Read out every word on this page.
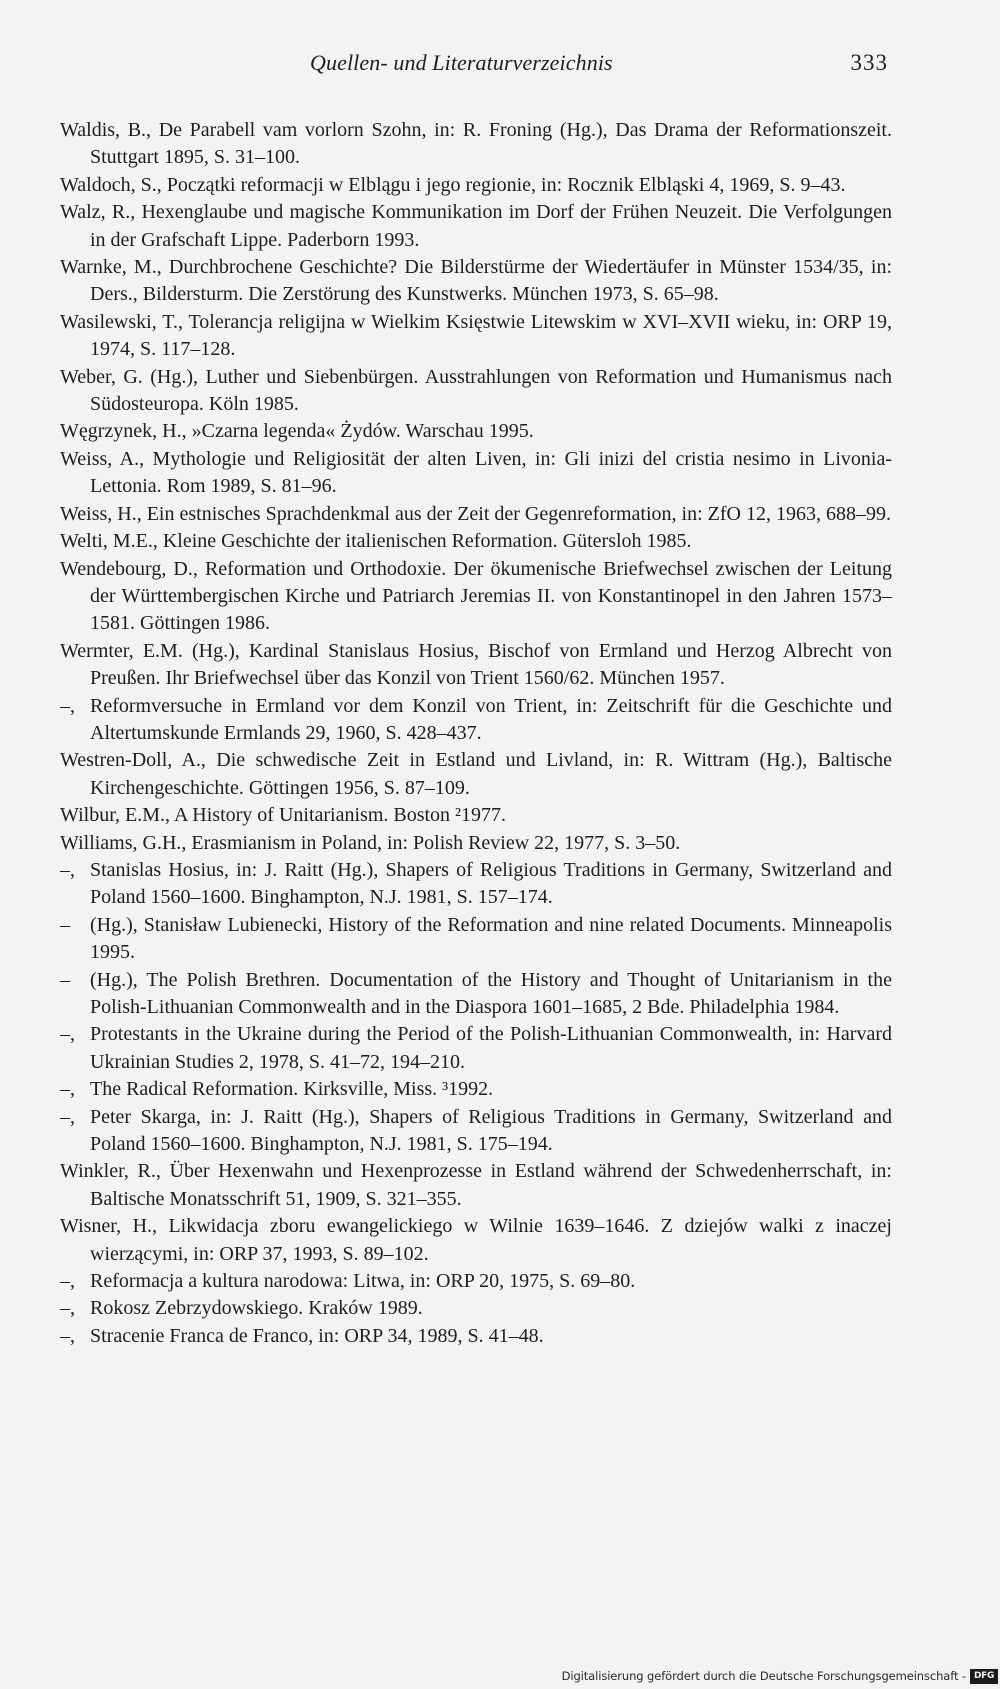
Quellen- und Literaturverzeichnis	333

Waldis, B., De Parabell vam vorlorn Szohn, in: R. Froning (Hg.), Das Drama der Reformationszeit. Stuttgart 1895, S. 31–100.

Waldoch, S., Początki reformacji w Elblągu i jego regionie, in: Rocznik Elbląski 4, 1969, S. 9–43.

Walz, R., Hexenglaube und magische Kommunikation im Dorf der Frühen Neuzeit. Die Verfolgungen in der Grafschaft Lippe. Paderborn 1993.

Warnke, M., Durchbrochene Geschichte? Die Bilderstürme der Wiedertäufer in Münster 1534/35, in: Ders., Bildersturm. Die Zerstörung des Kunstwerks. München 1973, S. 65–98.

Wasilewski, T., Tolerancja religijna w Wielkim Księstwie Litewskim w XVI–XVII wieku, in: ORP 19, 1974, S. 117–128.

Weber, G. (Hg.), Luther und Siebenbürgen. Ausstrahlungen von Reformation und Humanismus nach Südosteuropa. Köln 1985.

Węgrzynek, H., »Czarna legenda« Żydów. Warschau 1995.

Weiss, A., Mythologie und Religiosität der alten Liven, in: Gli inizi del cristia nesimo in Livonia-Lettonia. Rom 1989, S. 81–96.

Weiss, H., Ein estnisches Sprachdenkmal aus der Zeit der Gegenreformation, in: ZfO 12, 1963, 688–99.

Welti, M.E., Kleine Geschichte der italienischen Reformation. Gütersloh 1985.

Wendebourg, D., Reformation und Orthodoxie. Der ökumenische Briefwechsel zwischen der Leitung der Württembergischen Kirche und Patriarch Jeremias II. von Konstantinopel in den Jahren 1573–1581. Göttingen 1986.

Wermter, E.M. (Hg.), Kardinal Stanislaus Hosius, Bischof von Ermland und Herzog Albrecht von Preußen. Ihr Briefwechsel über das Konzil von Trient 1560/62. München 1957.

–, Reformversuche in Ermland vor dem Konzil von Trient, in: Zeitschrift für die Geschichte und Altertumskunde Ermlands 29, 1960, S. 428–437.

Westren-Doll, A., Die schwedische Zeit in Estland und Livland, in: R. Wittram (Hg.), Baltische Kirchengeschichte. Göttingen 1956, S. 87–109.

Wilbur, E.M., A History of Unitarianism. Boston ²1977.

Williams, G.H., Erasmianism in Poland, in: Polish Review 22, 1977, S. 3–50.

–, Stanislas Hosius, in: J. Raitt (Hg.), Shapers of Religious Traditions in Germany, Switzerland and Poland 1560–1600. Binghampton, N.J. 1981, S. 157–174.

– (Hg.), Stanisław Lubienecki, History of the Reformation and nine related Documents. Minneapolis 1995.

– (Hg.), The Polish Brethren. Documentation of the History and Thought of Unitarianism in the Polish-Lithuanian Commonwealth and in the Diaspora 1601–1685, 2 Bde. Philadelphia 1984.

–, Protestants in the Ukraine during the Period of the Polish-Lithuanian Commonwealth, in: Harvard Ukrainian Studies 2, 1978, S. 41–72, 194–210.

–, The Radical Reformation. Kirksville, Miss. ³1992.

–, Peter Skarga, in: J. Raitt (Hg.), Shapers of Religious Traditions in Germany, Switzerland and Poland 1560–1600. Binghampton, N.J. 1981, S. 175–194.

Winkler, R., Über Hexenwahn und Hexenprozesse in Estland während der Schwedenherrschaft, in: Baltische Monatsschrift 51, 1909, S. 321–355.

Wisner, H., Likwidacja zboru ewangelickiego w Wilnie 1639–1646. Z dziejów walki z inaczej wierzącymi, in: ORP 37, 1993, S. 89–102.

–, Reformacja a kultura narodowa: Litwa, in: ORP 20, 1975, S. 69–80.

–, Rokosz Zebrzydowskiego. Kraków 1989.

–, Stracenie Franca de Franco, in: ORP 34, 1989, S. 41–48.

Digitalisierung gefördert durch die Deutsche Forschungsgemeinschaft - DFG
